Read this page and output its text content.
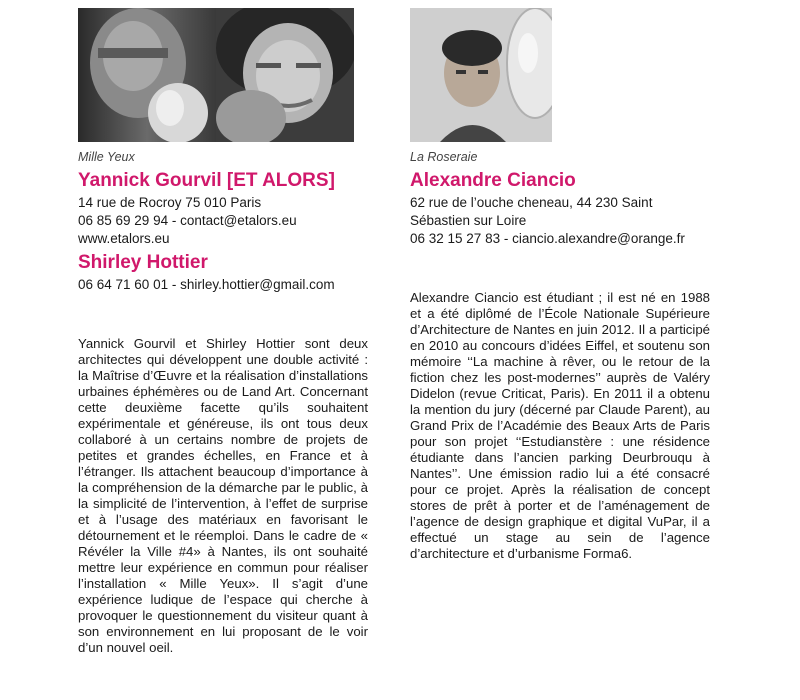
Mille Yeux

Yannick Gourvil [ET ALORS]

14 rue de Rocroy 75 010 Paris
06 85 69 29 94 - contact@etalors.eu
www.etalors.eu

Shirley Hottier

06 64 71 60 01 - shirley.hottier@gmail.com

Yannick Gourvil et Shirley Hottier sont deux architectes qui développent une double activité : la Maîtrise d’Œuvre et la réalisation d’installations urbaines éphémères ou de Land Art. Concernant cette deuxième facette qu’ils souhaitent expérimentale et généreuse, ils ont tous deux collaboré à un certains nombre de projets de petites et grandes échelles, en France et à l’étranger. Ils attachent beaucoup d’importance à la compréhension de la démarche par le public, à la simplicité de l’intervention, à l’effet de surprise et à l’usage des matériaux en favorisant le détournement et le réemploi. Dans le cadre de « Révéler la Ville #4» à Nantes, ils ont souhaité mettre leur expérience en commun pour réaliser l’installation « Mille Yeux». Il s’agit d’une expérience ludique de l’espace qui cherche à provoquer le questionnement du visiteur quant à son environnement en lui proposant de le voir d’un nouvel oeil.

La Roseraie

Alexandre Ciancio

62 rue de l’ouche cheneau, 44 230 Saint
Sébastien sur Loire
06 32 15 27 83 - ciancio.alexandre@orange.fr

Alexandre Ciancio est étudiant ; il est né en 1988 et a été diplômé de l’École Nationale Supérieure d’Architecture de Nantes en juin 2012. Il a participé en 2010 au concours d’idées Eiffel, et soutenu son mémoire ‘‘La machine à rêver, ou le retour de la fiction chez les post-modernes’’ auprès de Valéry Didelon (revue Criticat, Paris). En 2011 il a obtenu la mention du jury (décerné par Claude Parent), au Grand Prix de l’Académie des Beaux Arts de Paris pour son projet ‘‘Estudianstère : une résidence étudiante dans l’ancien parking Deurbrouqu à Nantes’’. Une émission radio lui a été consacré pour ce projet. Après la réalisation de concept stores de prêt à porter et de l’aménagement de l’agence de design graphique et digital VuPar, il a effectué un stage au sein de l’agence d’architecture et d’urbanisme Forma6.
